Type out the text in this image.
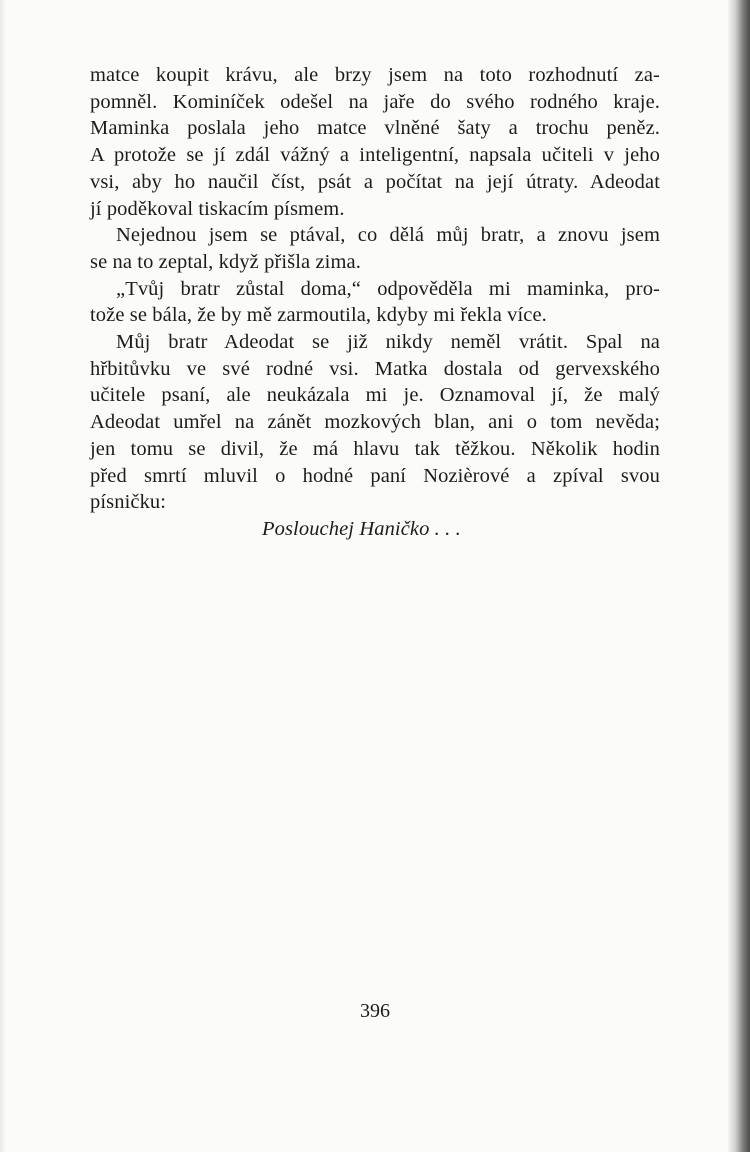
matce koupit krávu, ale brzy jsem na toto rozhodnutí za-
pomněl. Kominíček odešel na jaře do svého rodného kraje.
Maminka poslala jeho matce vlněné šaty a trochu peněz.
A protože se jí zdál vážný a inteligentní, napsala učiteli v jeho
vsi, aby ho naučil číst, psát a počítat na její útraty. Adeodat
jí poděkoval tiskacím písmem.
Nejednou jsem se ptával, co dělá můj bratr, a znovu jsem
se na to zeptal, když přišla zima.
„Tvůj bratr zůstal doma,“ odpověděla mi maminka, pro-
tože se bála, že by mě zarmoutila, kdyby mi řekla více.
Můj bratr Adeodat se již nikdy neměl vrátit. Spal na
hřbitůvku ve své rodné vsi. Matka dostala od gervexského
učitele psaní, ale neukázala mi je. Oznamoval jí, že malý
Adeodat umřel na zánět mozkových blan, ani o tom nevěda;
jen tomu se divil, že má hlavu tak těžkou. Několik hodin
před smrtí mluvil o hodné paní Nozièrové a zpíval svou
písničku:
Poslouchej Haničko . . .
396
